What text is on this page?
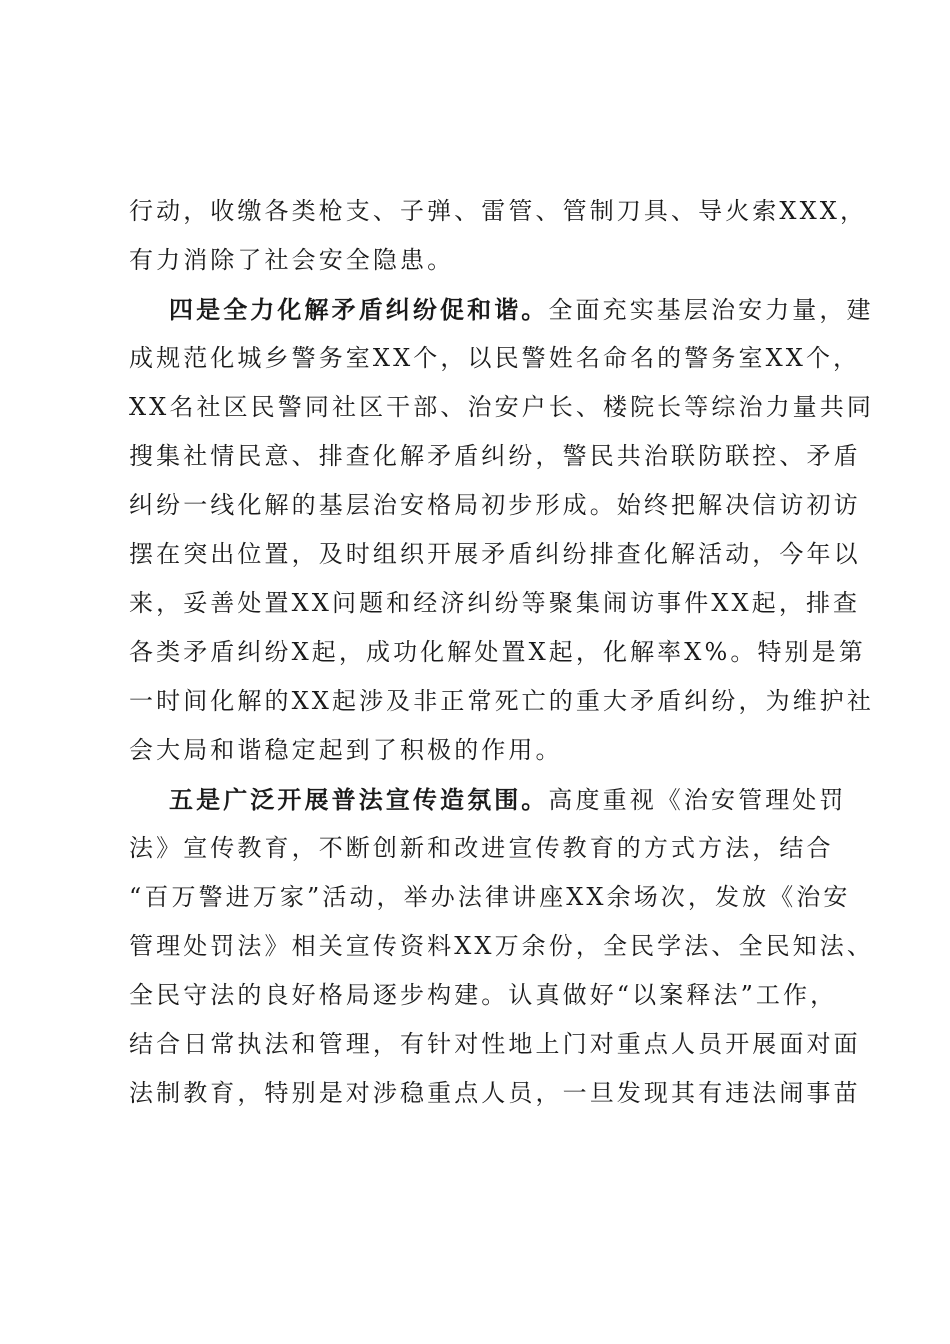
行动，收缴各类枪支、子弹、雷管、管制刀具、导火索XXX，
有力消除了社会安全隐患。
四是全力化解矛盾纠纷促和谐。全面充实基层治安力量，建
成规范化城乡警务室XX个，以民警姓名命名的警务室XX个，
XX名社区民警同社区干部、治安户长、楼院长等综治力量共同
搜集社情民意、排查化解矛盾纠纷，警民共治联防联控、矛盾
纠纷一线化解的基层治安格局初步形成。始终把解决信访初访
摆在突出位置，及时组织开展矛盾纠纷排查化解活动，今年以
来，妥善处置XX问题和经济纠纷等聚集闹访事件XX起，排查
各类矛盾纠纷X起，成功化解处置X起，化解率X%。特别是第
一时间化解的XX起涉及非正常死亡的重大矛盾纠纷，为维护社
会大局和谐稳定起到了积极的作用。
五是广泛开展普法宣传造氛围。高度重视《治安管理处罚
法》宣传教育，不断创新和改进宣传教育的方式方法，结合
“百万警进万家”活动，举办法律讲座XX余场次，发放《治安
管理处罚法》相关宣传资料XX万余份，全民学法、全民知法、
全民守法的良好格局逐步构建。认真做好“以案释法”工作，
结合日常执法和管理，有针对性地上门对重点人员开展面对面
法制教育，特别是对涉稳重点人员，一旦发现其有违法闹事苗
